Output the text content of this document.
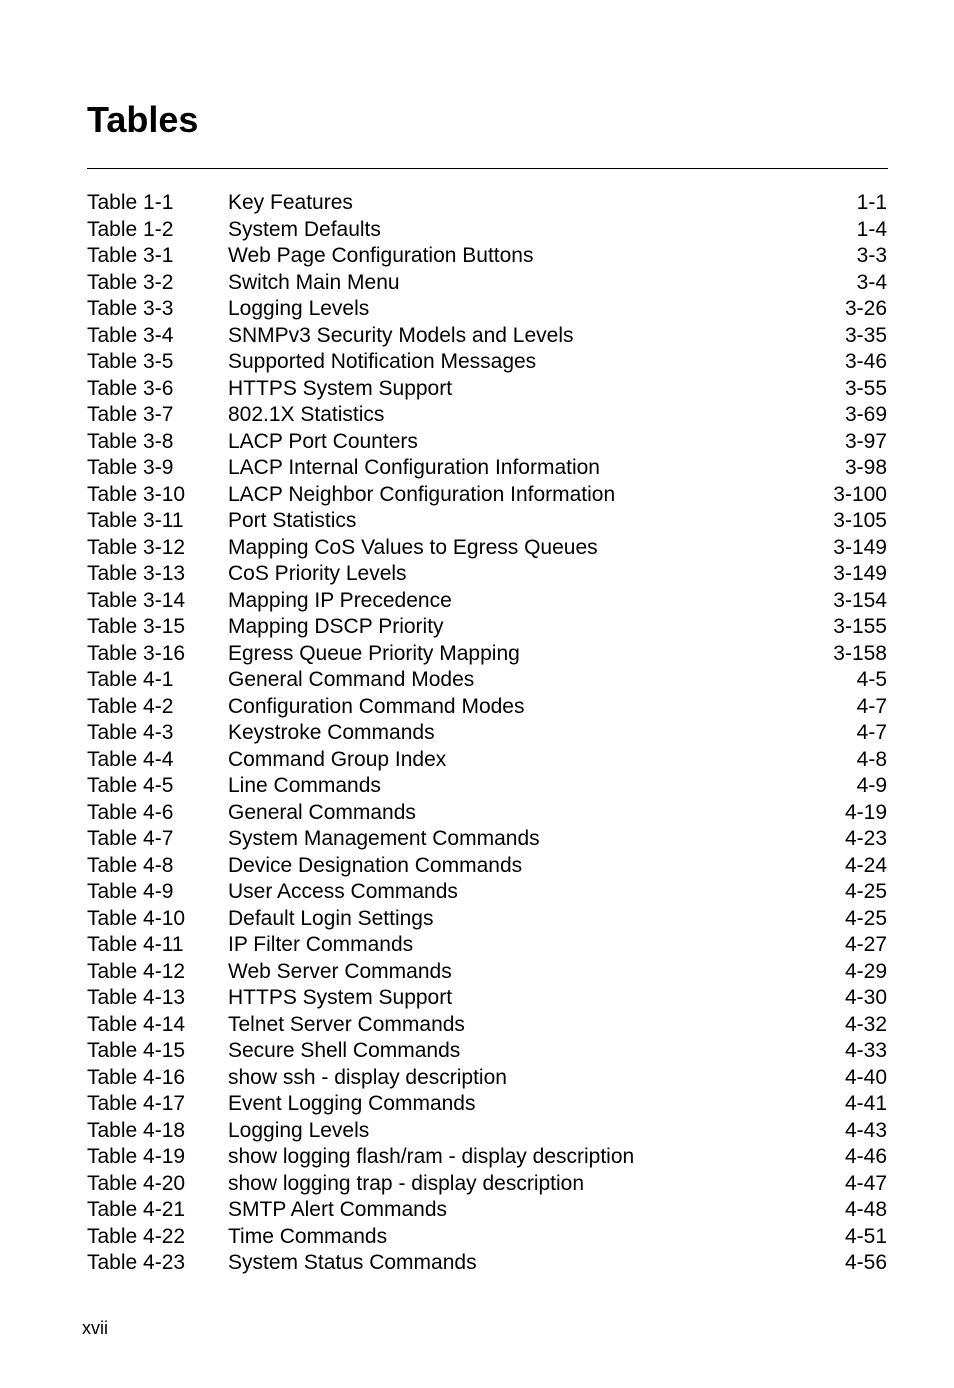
Tables
Table 1-1	Key Features	1-1
Table 1-2	System Defaults	1-4
Table 3-1	Web Page Configuration Buttons	3-3
Table 3-2	Switch Main Menu	3-4
Table 3-3	Logging Levels	3-26
Table 3-4	SNMPv3 Security Models and Levels	3-35
Table 3-5	Supported Notification Messages	3-46
Table 3-6	HTTPS System Support	3-55
Table 3-7	802.1X Statistics	3-69
Table 3-8	LACP Port Counters	3-97
Table 3-9	LACP Internal Configuration Information	3-98
Table 3-10 LACP Neighbor Configuration Information	3-100
Table 3-11 Port Statistics	3-105
Table 3-12 Mapping CoS Values to Egress Queues	3-149
Table 3-13 CoS Priority Levels	3-149
Table 3-14 Mapping IP Precedence	3-154
Table 3-15 Mapping DSCP Priority	3-155
Table 3-16 Egress Queue Priority Mapping	3-158
Table 4-1	General Command Modes	4-5
Table 4-2	Configuration Command Modes	4-7
Table 4-3	Keystroke Commands	4-7
Table 4-4	Command Group Index	4-8
Table 4-5	Line Commands	4-9
Table 4-6	General Commands	4-19
Table 4-7	System Management Commands	4-23
Table 4-8	Device Designation Commands	4-24
Table 4-9	User Access Commands	4-25
Table 4-10 Default Login Settings	4-25
Table 4-11 IP Filter Commands	4-27
Table 4-12 Web Server Commands	4-29
Table 4-13 HTTPS System Support	4-30
Table 4-14 Telnet Server Commands	4-32
Table 4-15 Secure Shell Commands	4-33
Table 4-16 show ssh - display description	4-40
Table 4-17 Event Logging Commands	4-41
Table 4-18 Logging Levels	4-43
Table 4-19 show logging flash/ram - display description	4-46
Table 4-20 show logging trap - display description	4-47
Table 4-21 SMTP Alert Commands	4-48
Table 4-22 Time Commands	4-51
Table 4-23 System Status Commands	4-56
xvii
